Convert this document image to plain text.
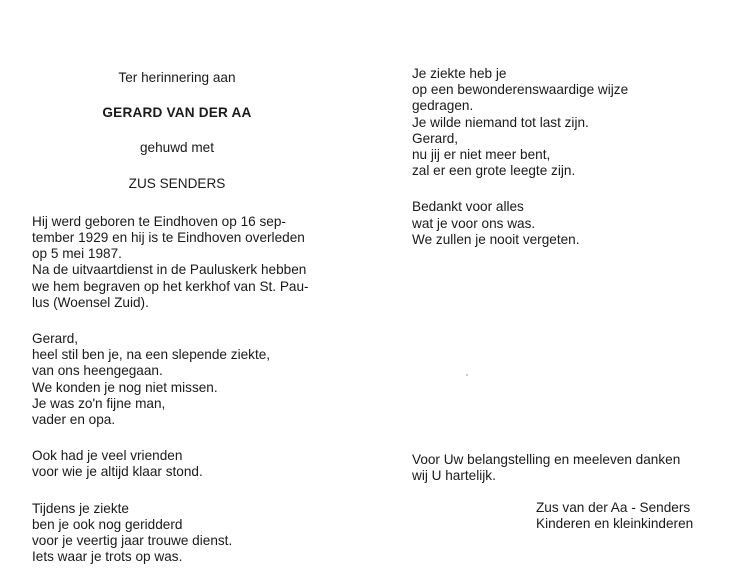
Ter herinnering aan
GERARD VAN DER AA
gehuwd met
ZUS SENDERS
Hij werd geboren te Eindhoven op 16 sep-
tember 1929 en hij is te Eindhoven overleden
op 5 mei 1987.
Na de uitvaartdienst in de Pauluskerk hebben
we hem begraven op het kerkhof van St. Pau-
lus (Woensel Zuid).
Gerard,
heel stil ben je, na een slepende ziekte,
van ons heengegaan.
We konden je nog niet missen.
Je was zo'n fijne man,
vader en opa.
Ook had je veel vrienden
voor wie je altijd klaar stond.
Tijdens je ziekte
ben je ook nog geridderd
voor je veertig jaar trouwe dienst.
Iets waar je trots op was.
Je ziekte heb je
op een bewonderenswaardige wijze
gedragen.
Je wilde niemand tot last zijn.
Gerard,
nu jij er niet meer bent,
zal er een grote leegte zijn.
Bedankt voor alles
wat je voor ons was.
We zullen je nooit vergeten.
Voor Uw belangstelling en meeleven danken
wij U hartelijk.
Zus van der Aa - Senders
Kinderen en kleinkinderen
